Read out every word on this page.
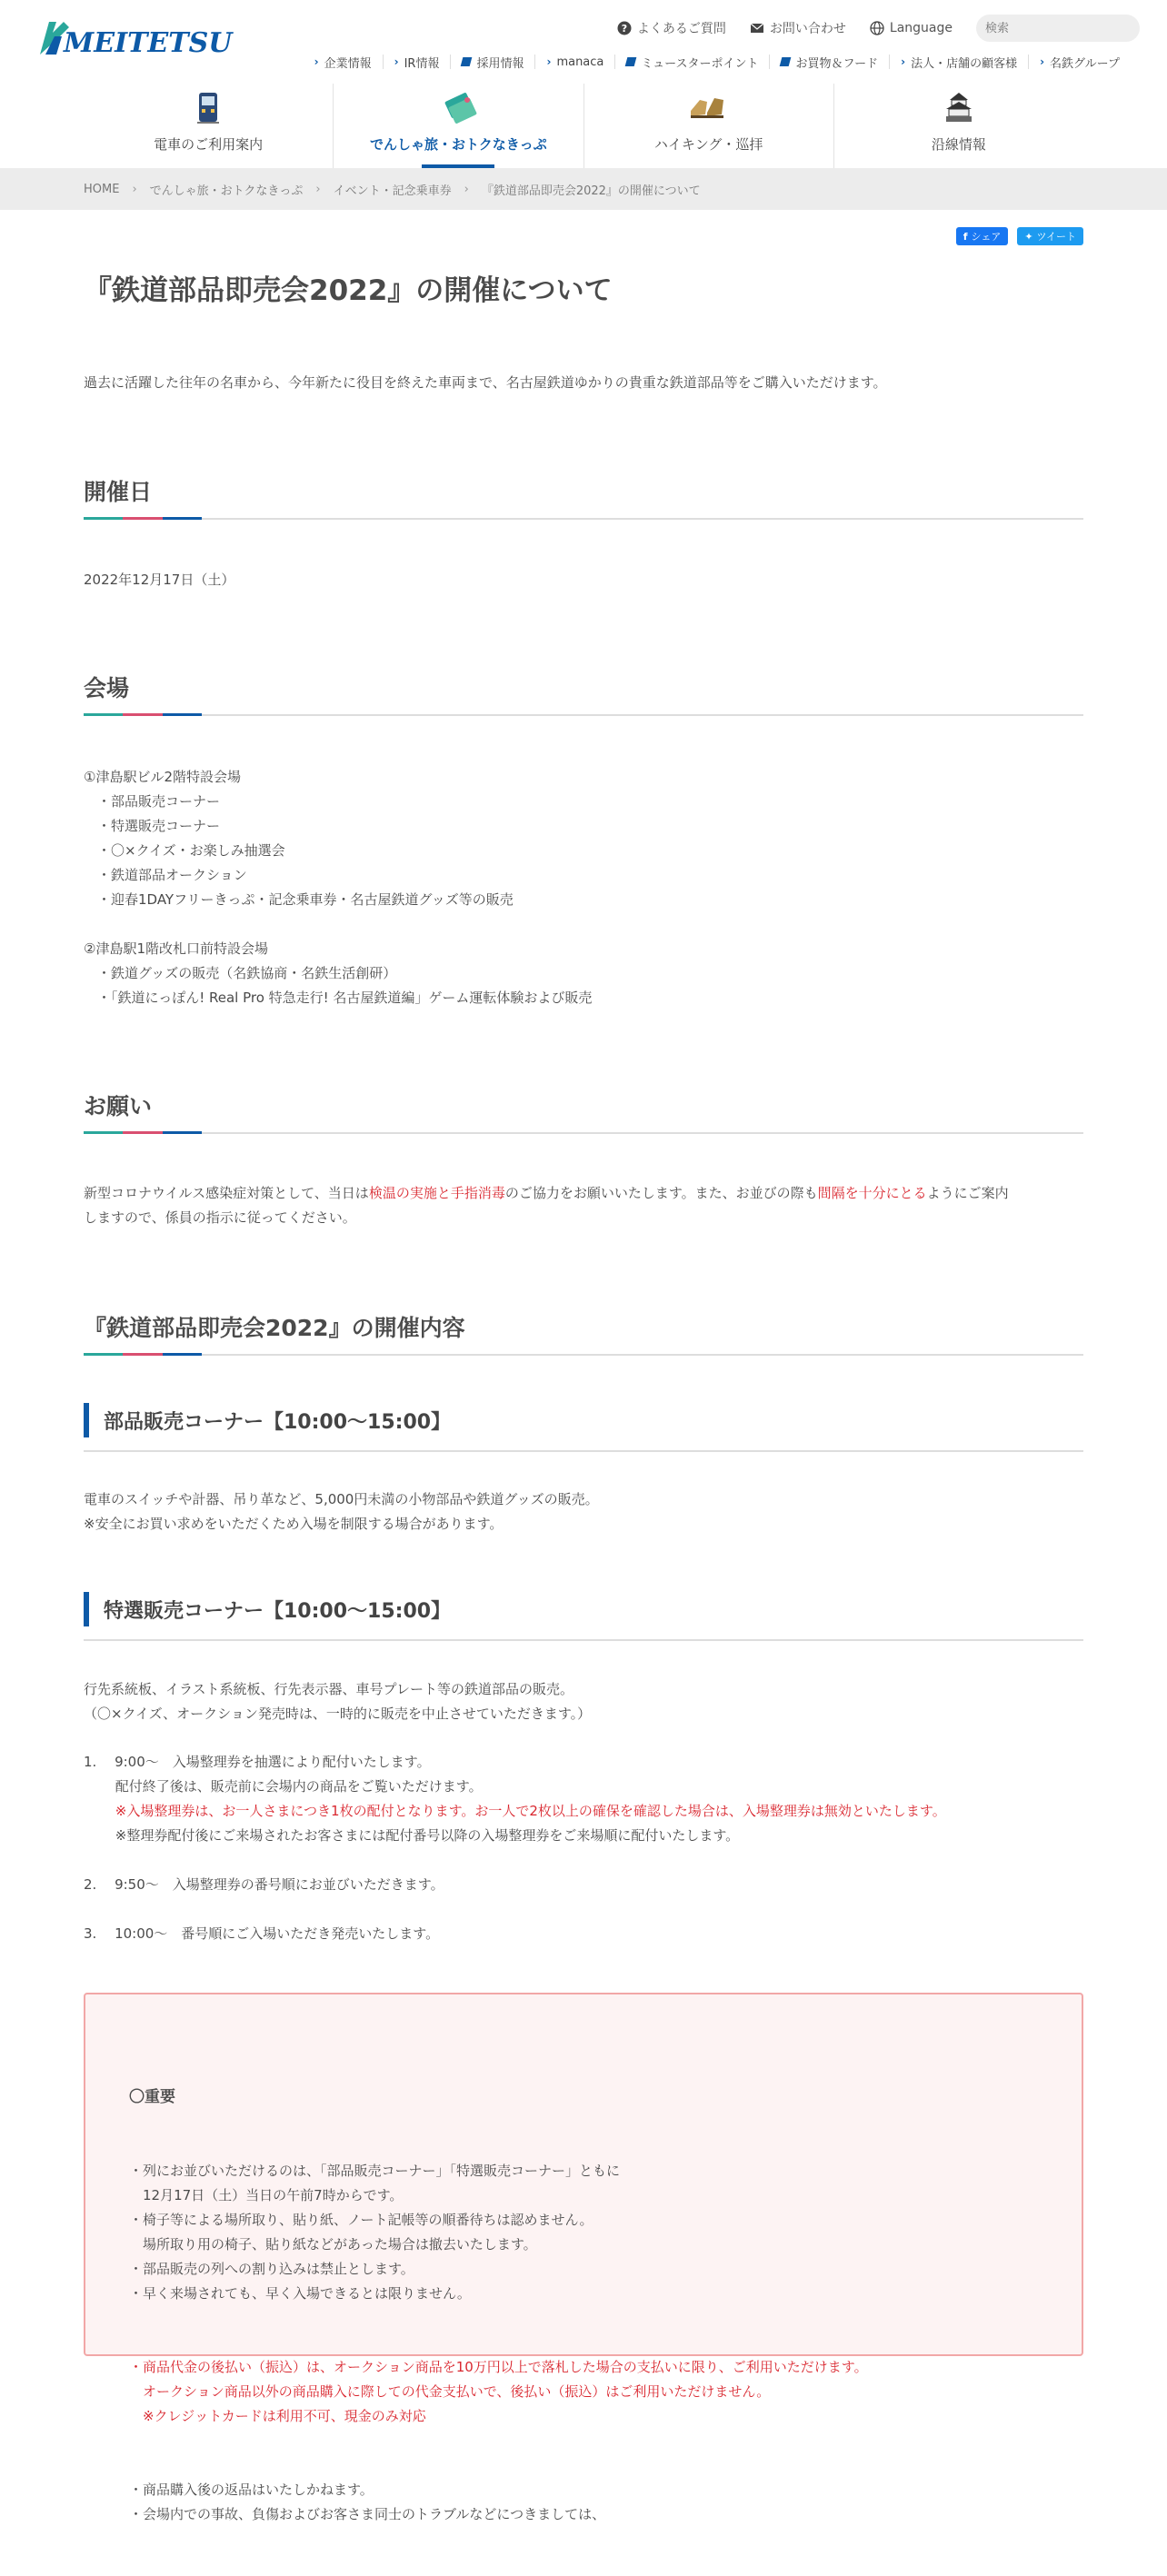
MEITETSU	? よくあるご質問	お問い合わせ	Language
検索
› 企業情報 › IR情報	採用情報 › manaca	ミュースターポイント	お買物＆フード › 法人・店舗の顧客様 › 名鉄グループ
電車のご利用案内	でんしゃ旅・おトクなきっぷ	ハイキング・巡拝	沿線情報
HOME › でんしゃ旅・おトクなきっぷ › イベント・記念乗車券 › 『鉄道部品即売会2022』の開催について
f シェア ✦ ツイート
『鉄道部品即売会2022』の開催について
過去に活躍した往年の名車から、今年新たに役目を終えた車両まで、名古屋鉄道ゆかりの貴重な鉄道部品等をご購入いただけます。
開催日
2022年12月17日（土）
会場
①津島駅ビル2階特設会場
　・部品販売コーナー
　・特選販売コーナー
　・〇×クイズ・お楽しみ抽選会
　・鉄道部品オークション
　・迎春1DAYフリーきっぷ・記念乗車券・名古屋鉄道グッズ等の販売

②津島駅1階改札口前特設会場
　・鉄道グッズの販売（名鉄協商・名鉄生活創研）
　・「鉄道にっぽん! Real Pro 特急走行! 名古屋鉄道編」ゲーム運転体験および販売
お願い
新型コロナウイルス感染症対策として、当日は検温の実施と手指消毒のご協力をお願いいたします。また、お並びの際も間隔を十分にとるようにご案内
しますので、係員の指示に従ってください。
『鉄道部品即売会2022』の開催内容
部品販売コーナー【10:00～15:00】
電車のスイッチや計器、吊り革など、5,000円未満の小物部品や鉄道グッズの販売。
※安全にお買い求めをいただくため入場を制限する場合があります。
特選販売コーナー【10:00～15:00】
行先系統板、イラスト系統板、行先表示器、車号プレート等の鉄道部品の販売。
（〇×クイズ、オークション発売時は、一時的に販売を中止させていただきます。）
1.　 9:00～　入場整理券を抽選により配付いたします。
　　 配付終了後は、販売前に会場内の商品をご覧いただけます。
　　 ※入場整理券は、お一人さまにつき1枚の配付となります。お一人で2枚以上の確保を確認した場合は、入場整理券は無効といたします。
　　 ※整理券配付後にご来場されたお客さまには配付番号以降の入場整理券をご来場順に配付いたします。
2.　 9:50～　入場整理券の番号順にお並びいただきます。
3.　 10:00～　番号順にご入場いただき発売いたします。

〇重要

・列にお並びいただけるのは、「部品販売コーナー」「特選販売コーナー」ともに
　12月17日（土）当日の午前7時からです。
・椅子等による場所取り、貼り紙、ノート記帳等の順番待ちは認めません。
　場所取り用の椅子、貼り紙などがあった場合は撤去いたします。
・部品販売の列への割り込みは禁止とします。
・早く来場されても、早く入場できるとは限りません。

・商品代金の後払い（振込）は、オークション商品を10万円以上で落札した場合の支払いに限り、ご利用いただけます。
　オークション商品以外の商品購入に際しての代金支払いで、後払い（振込）はご利用いただけません。
　※クレジットカードは利用不可、現金のみ対応

・商品購入後の返品はいたしかねます。
・会場内での事故、負傷およびお客さま同士のトラブルなどにつきましては、
